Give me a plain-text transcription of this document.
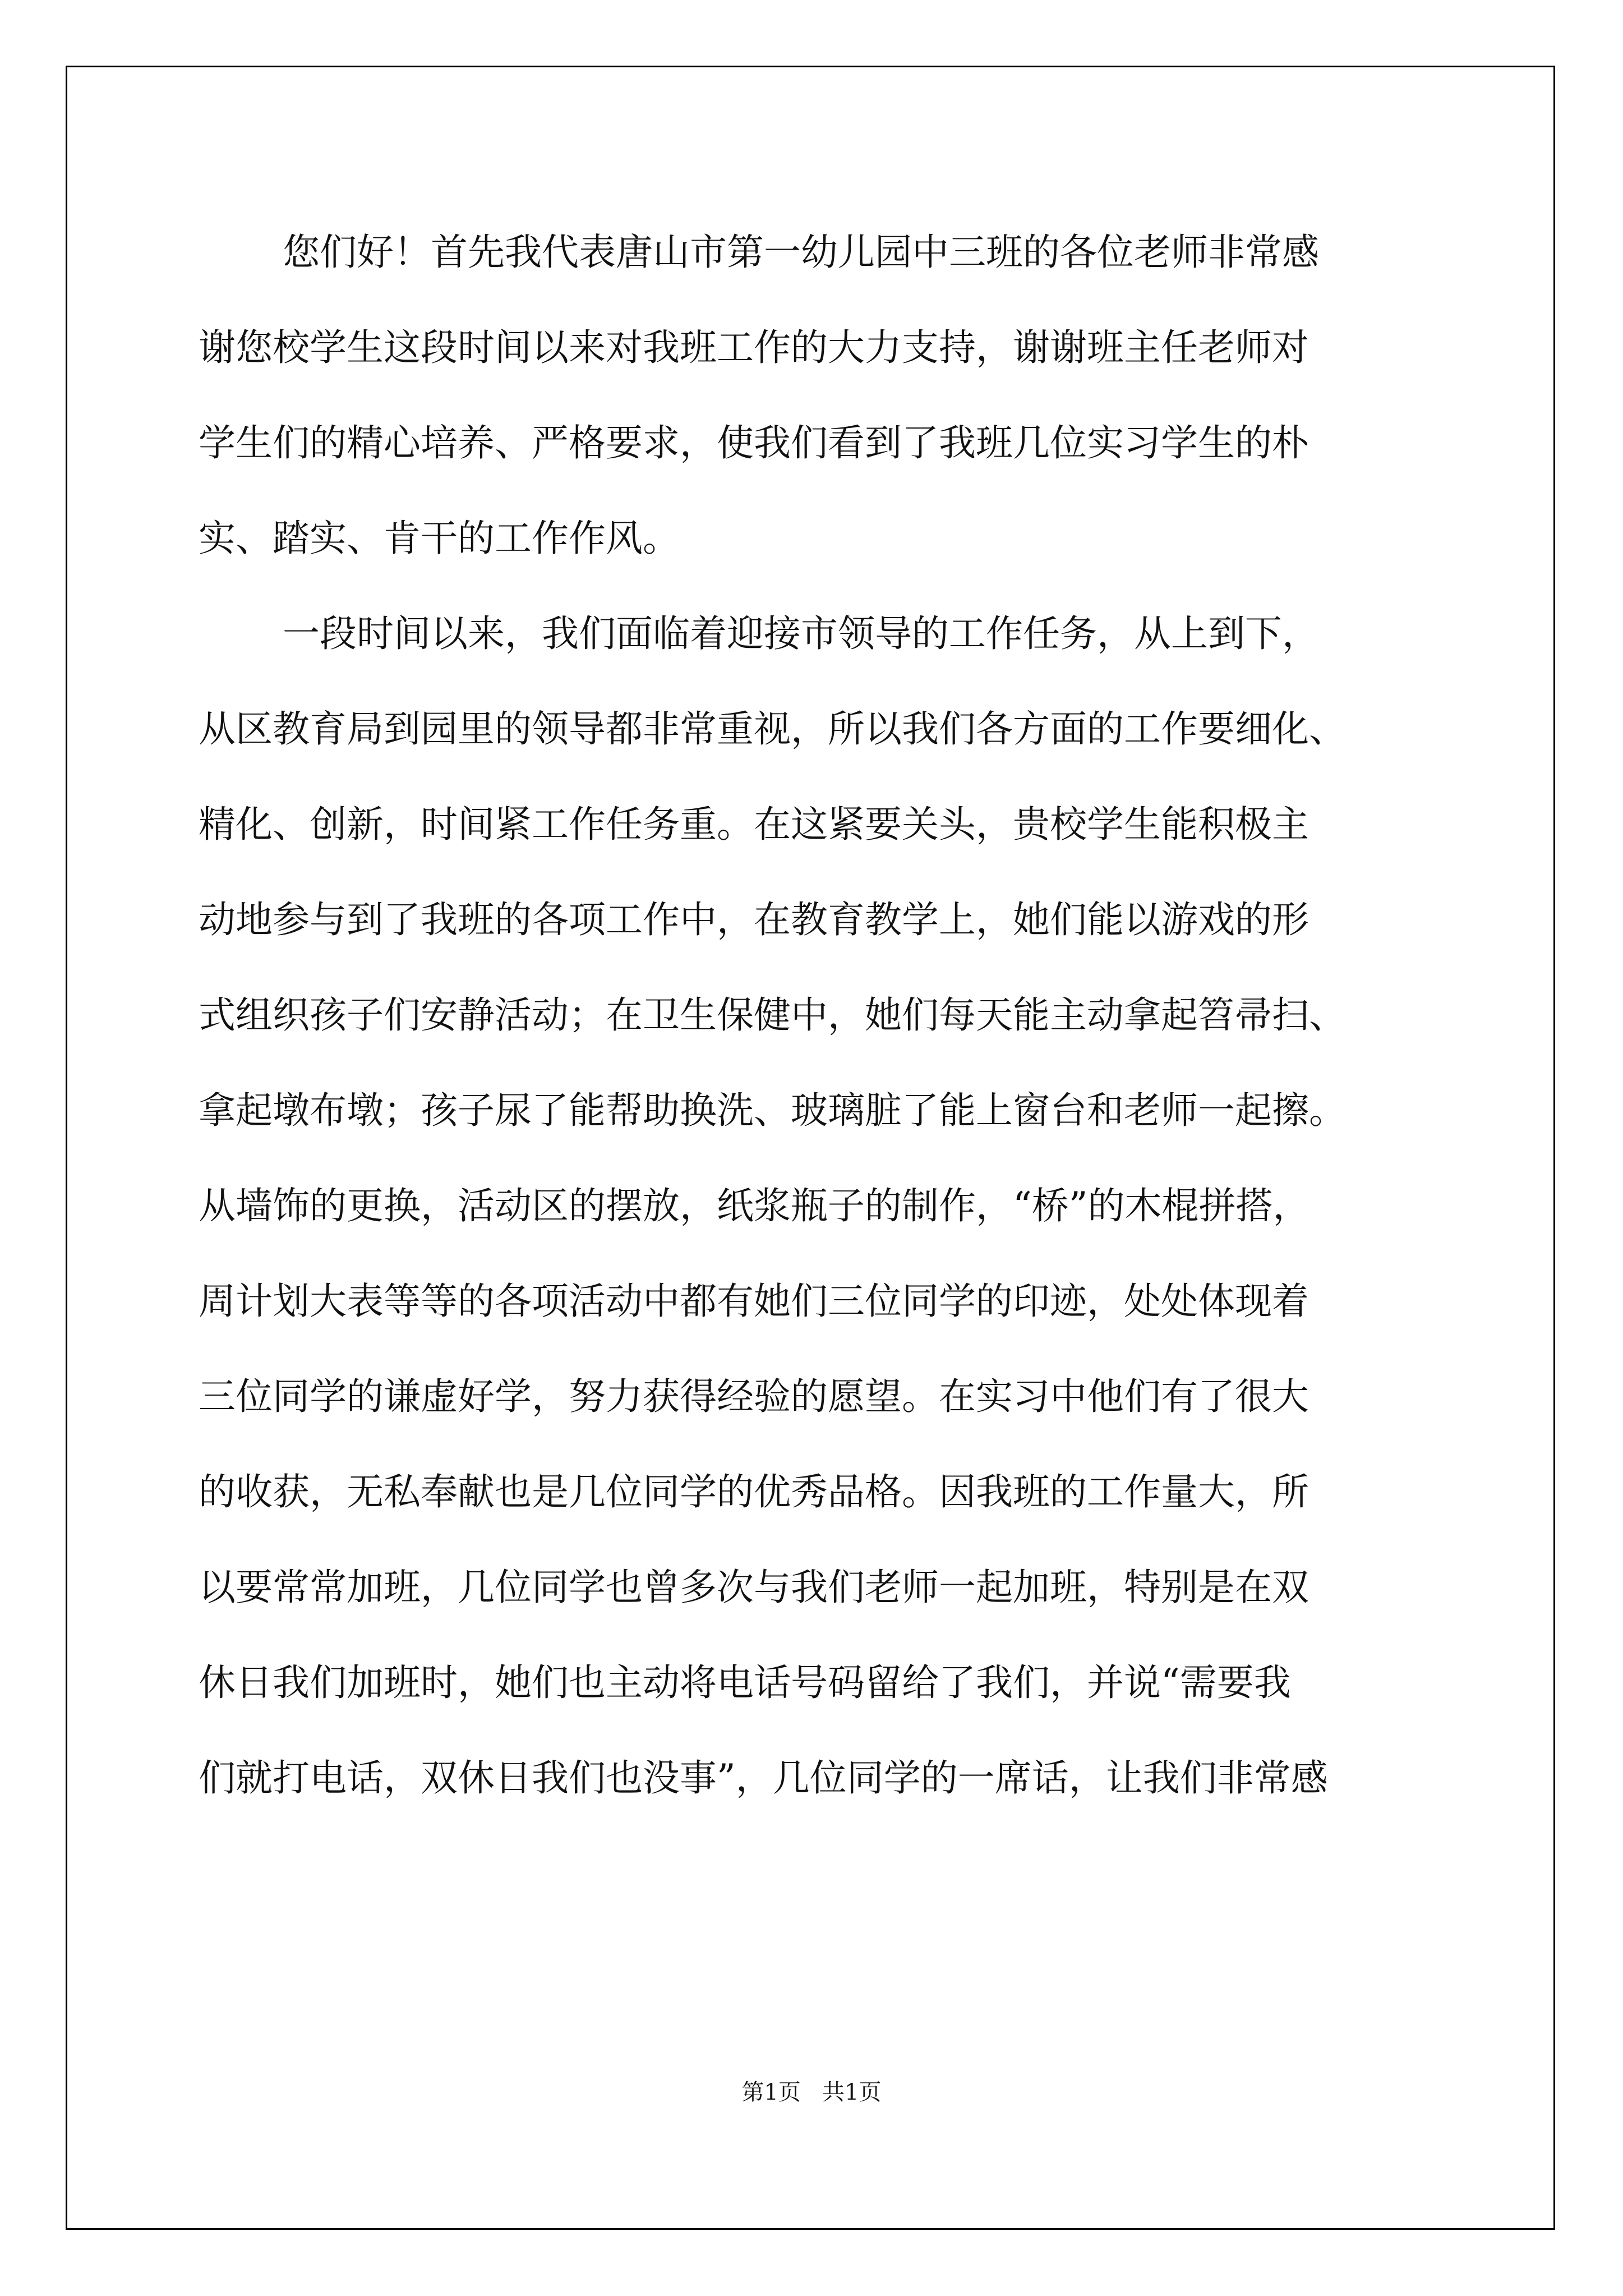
您们好！首先我代表唐山市第一幼儿园中三班的各位老师非常感
谢您校学生这段时间以来对我班工作的大力支持，谢谢班主任老师对
学生们的精心培养、严格要求，使我们看到了我班几位实习学生的朴
实、踏实、肯干的工作作风。
一段时间以来，我们面临着迎接市领导的工作任务，从上到下，
从区教育局到园里的领导都非常重视，所以我们各方面的工作要细化、
精化、创新，时间紧工作任务重。在这紧要关头，贵校学生能积极主
动地参与到了我班的各项工作中，在教育教学上，她们能以游戏的形
式组织孩子们安静活动；在卫生保健中，她们每天能主动拿起笤帚扫、
拿起墩布墩；孩子尿了能帮助换洗、玻璃脏了能上窗台和老师一起擦。
从墙饰的更换，活动区的摆放，纸浆瓶子的制作，“桥”的木棍拼搭，
周计划大表等等的各项活动中都有她们三位同学的印迹，处处体现着
三位同学的谦虚好学，努力获得经验的愿望。在实习中他们有了很大
的收获，无私奉献也是几位同学的优秀品格。因我班的工作量大，所
以要常常加班，几位同学也曾多次与我们老师一起加班，特别是在双
休日我们加班时，她们也主动将电话号码留给了我们，并说“需要我
们就打电话，双休日我们也没事”，几位同学的一席话，让我们非常感
第1页   共1页
